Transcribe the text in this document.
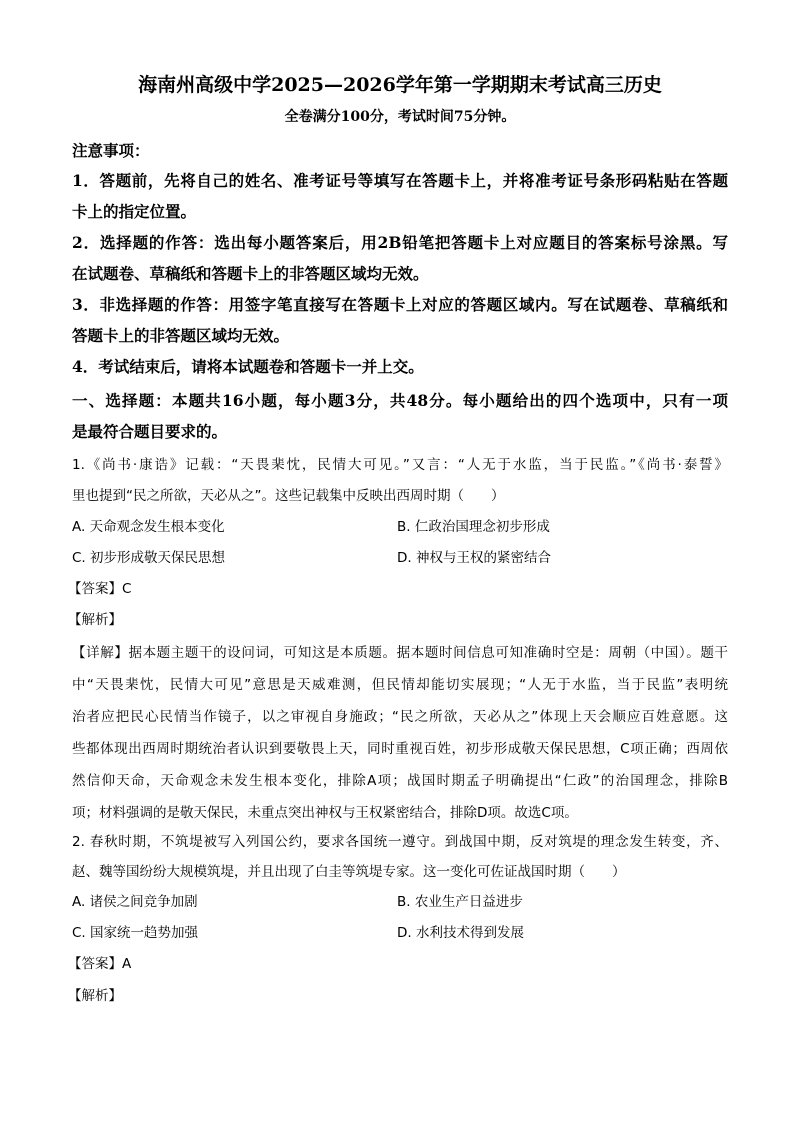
海南州高级中学2025—2026学年第一学期期末考试高三历史
全卷满分100分，考试时间75分钟。
注意事项：
1．答题前，先将自己的姓名、准考证号等填写在答题卡上，并将准考证号条形码粘贴在答题
卡上的指定位置。
2．选择题的作答：选出每小题答案后，用2B铅笔把答题卡上对应题目的答案标号涂黑。写
在试题卷、草稿纸和答题卡上的非答题区域均无效。
3．非选择题的作答：用签字笔直接写在答题卡上对应的答题区域内。写在试题卷、草稿纸和
答题卡上的非答题区域均无效。
4．考试结束后，请将本试题卷和答题卡一并上交。
一、选择题：本题共16小题，每小题3分，共48分。每小题给出的四个选项中，只有一项
是最符合题目要求的。
1.《尚书·康诰》记载：“天畏棐忱，民情大可见。”又言：“人无于水监，当于民监。”《尚书·泰誓》
里也提到“民之所欲，天必从之”。这些记载集中反映出西周时期（　　）
A. 天命观念发生根本变化	B. 仁政治国理念初步形成
C. 初步形成敬天保民思想	D. 神权与王权的紧密结合
【答案】C
【解析】
【详解】据本题主题干的设问词，可知这是本质题。据本题时间信息可知准确时空是：周朝（中国）。题干
中“天畏棐忱，民情大可见”意思是天威难测，但民情却能切实展现；“人无于水监，当于民监”表明统
治者应把民心民情当作镜子，以之审视自身施政；“民之所欲，天必从之”体现上天会顺应百姓意愿。这
些都体现出西周时期统治者认识到要敬畏上天，同时重视百姓，初步形成敬天保民思想，C项正确；西周依
然信仰天命，天命观念未发生根本变化，排除A项；战国时期孟子明确提出“仁政”的治国理念，排除B
项；材料强调的是敬天保民，未重点突出神权与王权紧密结合，排除D项。故选C项。
2. 春秋时期，不筑堤被写入列国公约，要求各国统一遵守。到战国中期，反对筑堤的理念发生转变，齐、
赵、魏等国纷纷大规模筑堤，并且出现了白圭等筑堤专家。这一变化可佐证战国时期（　　）
A. 诸侯之间竞争加剧	B. 农业生产日益进步
C. 国家统一趋势加强	D. 水利技术得到发展
【答案】A
【解析】
